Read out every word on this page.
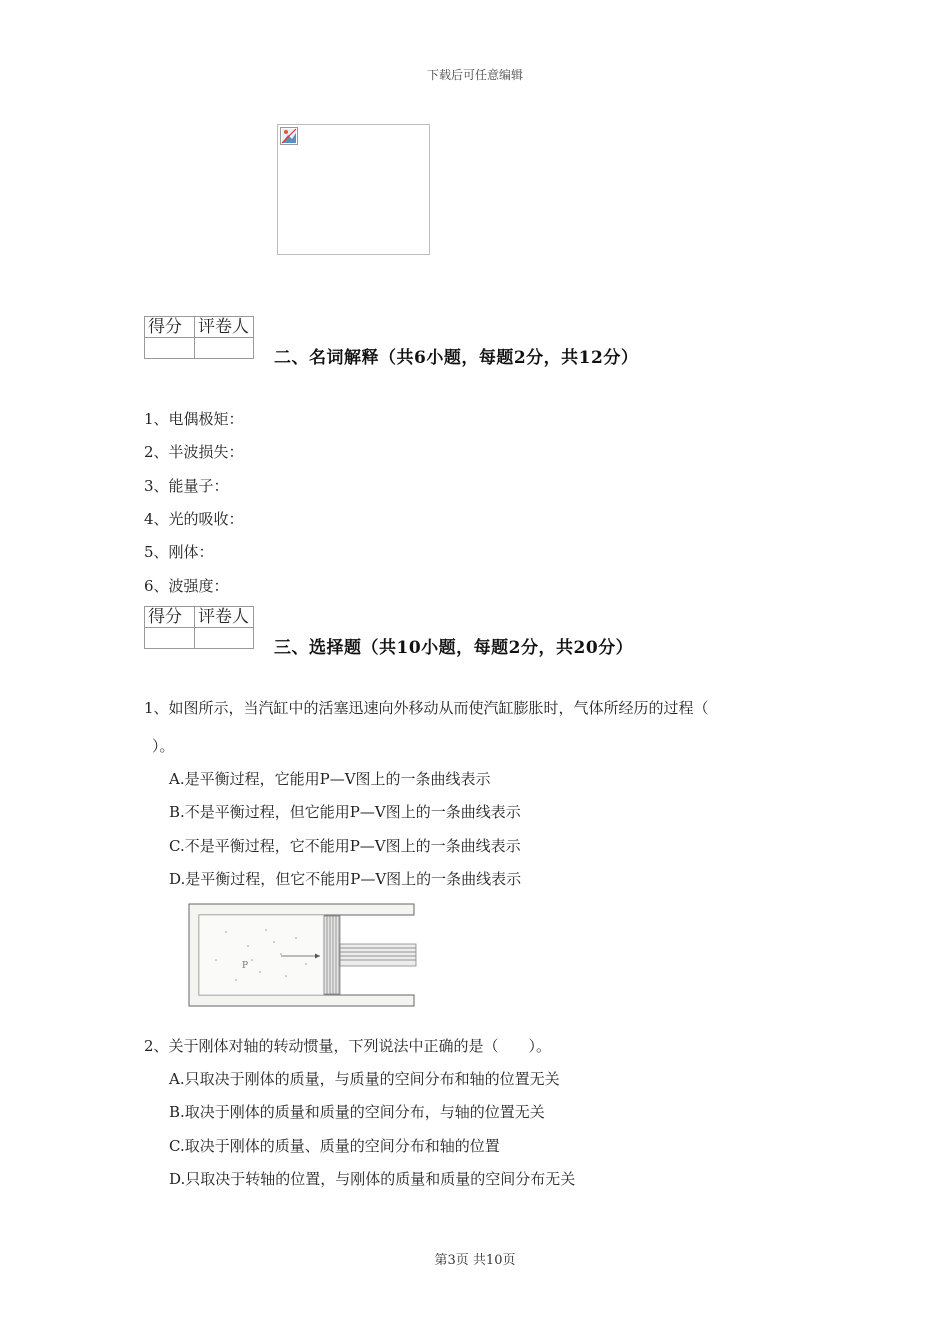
下载后可任意编辑
得分	评卷人

二、名词解释（共6小题，每题2分，共12分）
1、电偶极矩：
2、半波损失：
3、能量子：
4、光的吸收：
5、刚体：
6、波强度：
得分	评卷人

三、选择题（共10小题，每题2分，共20分）
1、如图所示，当汽缸中的活塞迅速向外移动从而使汽缸膨胀时，气体所经历的过程（
）。
A.是平衡过程，它能用P—V图上的一条曲线表示
B.不是平衡过程，但它能用P—V图上的一条曲线表示
C.不是平衡过程，它不能用P—V图上的一条曲线表示
D.是平衡过程，但它不能用P—V图上的一条曲线表示
P
2、关于刚体对轴的转动惯量，下列说法中正确的是（　　）。
A.只取决于刚体的质量，与质量的空间分布和轴的位置无关
B.取决于刚体的质量和质量的空间分布，与轴的位置无关
C.取决于刚体的质量、质量的空间分布和轴的位置
D.只取决于转轴的位置，与刚体的质量和质量的空间分布无关
第3页 共10页
